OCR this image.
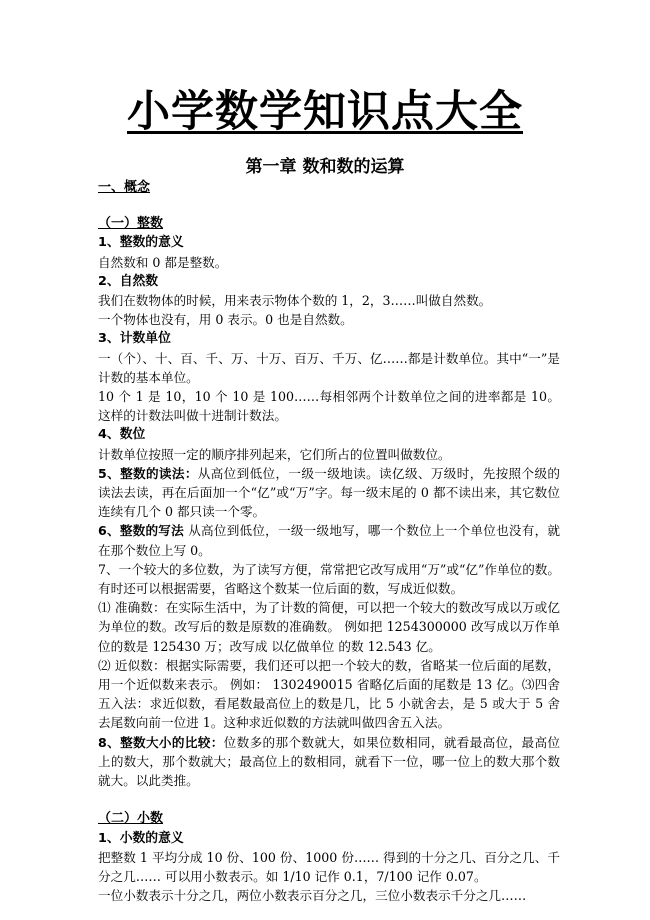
小学数学知识点大全
第一章 数和数的运算

一、概念

（一）整数

1、整数的意义

自然数和 0 都是整数。

2、自然数

我们在数物体的时候，用来表示物体个数的 1，2，3……叫做自然数。

一个物体也没有，用 0 表示。0 也是自然数。

3、计数单位

一（个）、十、百、千、万、十万、百万、千万、亿……都是计数单位。其中“一”是计数的基本单位。

10 个 1 是 10，10 个 10 是 100……每相邻两个计数单位之间的进率都是 10。这样的计数法叫做十进制计数法。

4、数位

计数单位按照一定的顺序排列起来，它们所占的位置叫做数位。

5、整数的读法：从高位到低位，一级一级地读。读亿级、万级时，先按照个级的读法去读，再在后面加一个“亿”或“万”字。每一级末尾的 0 都不读出来，其它数位连续有几个 0 都只读一个零。

6、整数的写法 从高位到低位，一级一级地写，哪一个数位上一个单位也没有，就在那个数位上写 0。

7、一个较大的多位数，为了读写方便，常常把它改写成用“万”或“亿”作单位的数。有时还可以根据需要，省略这个数某一位后面的数，写成近似数。

⑴ 准确数：在实际生活中，为了计数的简便，可以把一个较大的数改写成以万或亿为单位的数。改写后的数是原数的准确数。 例如把 1254300000 改写成以万作单位的数是 125430 万；改写成 以亿做单位 的数 12.543 亿。

⑵ 近似数：根据实际需要，我们还可以把一个较大的数，省略某一位后面的尾数，用一个近似数来表示。 例如： 1302490015 省略亿后面的尾数是 13 亿。⑶四舍五入法：求近似数，看尾数最高位上的数是几，比 5 小就舍去，是 5 或大于 5 舍去尾数向前一位进 1。这种求近似数的方法就叫做四舍五入法。

8、整数大小的比较：位数多的那个数就大，如果位数相同，就看最高位，最高位上的数大，那个数就大；最高位上的数相同，就看下一位，哪一位上的数大那个数就大。以此类推。

（二）小数

1、小数的意义

把整数 1 平均分成 10 份、100 份、1000 份…… 得到的十分之几、百分之几、千分之几…… 可以用小数表示。如 1/10 记作 0.1，7/100 记作 0.07。

一位小数表示十分之几，两位小数表示百分之几，三位小数表示千分之几……
